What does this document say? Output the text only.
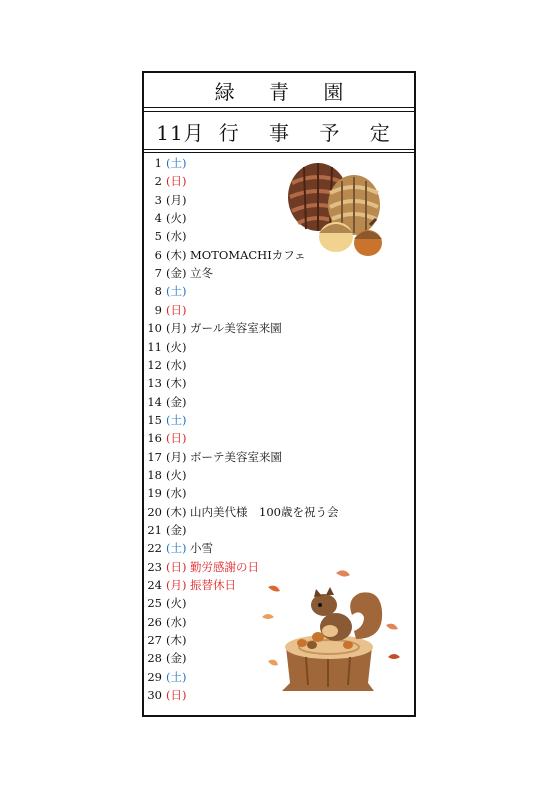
緑 青 園
11月 行 事 予 定
1 (土)
2 (日)
3 (月)
4 (火)
5 (水)
6 (木) MOTOMACHIカフェ
7 (金) 立冬
8 (土)
9 (日)
10 (月) ガール美容室来園
11 (火)
12 (水)
13 (木)
14 (金)
15 (土)
16 (日)
17 (月) ボーテ美容室来園
18 (火)
19 (水)
20 (木) 山内美代様　100歳を祝う会
21 (金)
22 (土) 小雪
23 (日) 勤労感謝の日
24 (月) 振替休日
25 (火)
26 (水)
27 (木)
28 (金)
29 (土)
30 (日)
